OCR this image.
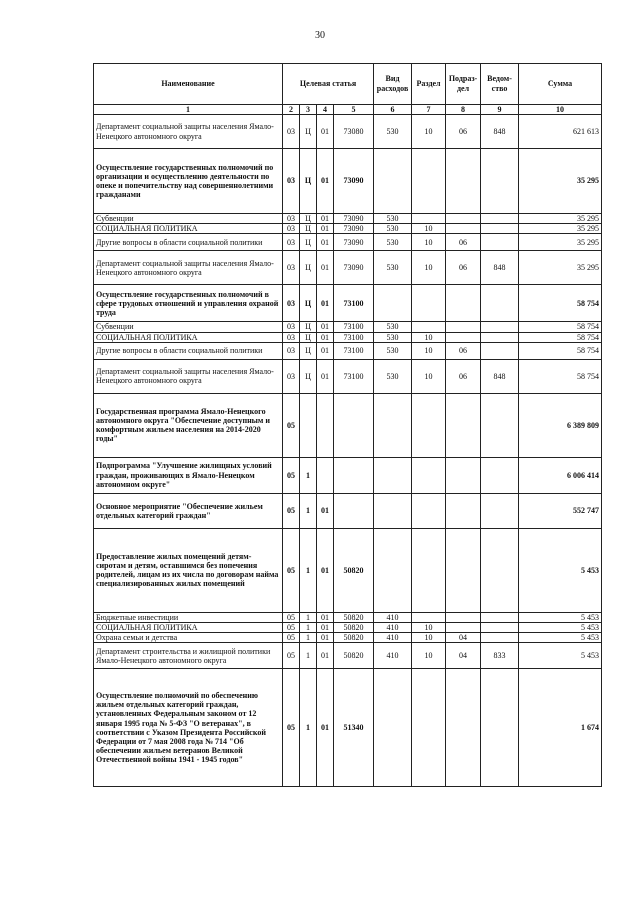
30
Наименование	Целевая статья				Вид расходов	Раздел	Подраз-дел	Ведом-ство	Сумма
1	2	3	4	5	6	7	8	9	10
Департамент социальной защиты населения Ямало-Ненецкого автономного округа	03	Ц	01	73080	530	10	06	848	621 613
Осуществление государственных полномочий по организации и осуществлению деятельности по опеке и попечительству над совершеннолетними гражданами	03	Ц	01	73090					35 295
Субвенции	03	Ц	01	73090	530				35 295
СОЦИАЛЬНАЯ ПОЛИТИКА	03	Ц	01	73090	530	10			35 295
Другие вопросы в области социальной политики	03	Ц	01	73090	530	10	06		35 295
Департамент социальной защиты населения Ямало-Ненецкого автономного округа	03	Ц	01	73090	530	10	06	848	35 295
Осуществление государственных полномочий в сфере трудовых отношений и управления охраной труда	03	Ц	01	73100					58 754
Субвенции	03	Ц	01	73100	530				58 754
СОЦИАЛЬНАЯ ПОЛИТИКА	03	Ц	01	73100	530	10			58 754
Другие вопросы в области социальной политики	03	Ц	01	73100	530	10	06		58 754
Департамент социальной защиты населения Ямало-Ненецкого автономного округа	03	Ц	01	73100	530	10	06	848	58 754
Государственная программа Ямало-Ненецкого автономного округа "Обеспечение доступным и комфортным жильем населения на 2014-2020 годы"	05								6 389 809
Подпрограмма "Улучшение жилищных условий граждан, проживающих в Ямало-Ненецком автономном округе"	05	1							6 006 414
Основное мероприятие "Обеспечение жильем отдельных категорий граждан"	05	1	01						552 747
Предоставление жилых помещений детям-сиротам и детям, оставшимся без попечения родителей, лицам из их числа по договорам найма специализированных жилых помещений	05	1	01	50820					5 453
Бюджетные инвестиции	05	1	01	50820	410				5 453
СОЦИАЛЬНАЯ ПОЛИТИКА	05	1	01	50820	410	10			5 453
Охрана семьи и детства	05	1	01	50820	410	10	04		5 453
Департамент строительства и жилищной политики Ямало-Ненецкого автономного округа	05	1	01	50820	410	10	04	833	5 453
Осуществление полномочий по обеспечению жильем отдельных категорий граждан, установленных Федеральным законом от 12 января 1995 года № 5-ФЗ "О ветеранах", в соответствии с Указом Президента Российской Федерации от 7 мая 2008 года № 714 "Об обеспечении жильем ветеранов Великой Отечественной войны 1941 - 1945 годов"	05	1	01	51340					1 674
